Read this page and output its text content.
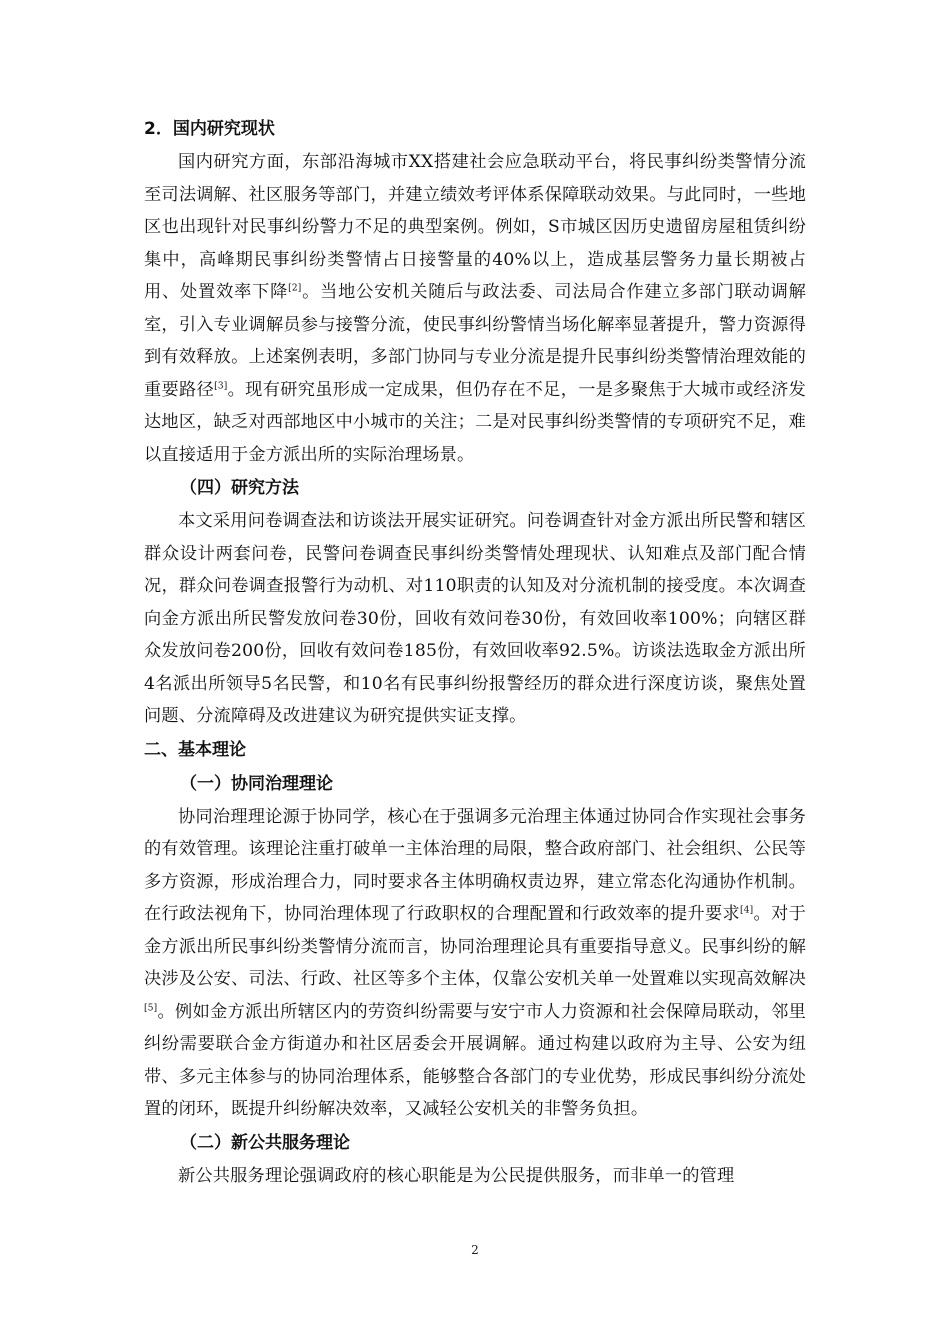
2．国内研究现状

国内研究方面，东部沿海城市XX搭建社会应急联动平台，将民事纠纷类警情分流至司法调解、社区服务等部门，并建立绩效考评体系保障联动效果。与此同时，一些地区也出现针对民事纠纷警力不足的典型案例。例如，S市城区因历史遗留房屋租赁纠纷集中，高峰期民事纠纷类警情占日接警量的40%以上，造成基层警务力量长期被占用、处置效率下降[2]。当地公安机关随后与政法委、司法局合作建立多部门联动调解室，引入专业调解员参与接警分流，使民事纠纷警情当场化解率显著提升，警力资源得到有效释放。上述案例表明，多部门协同与专业分流是提升民事纠纷类警情治理效能的重要路径[3]。现有研究虽形成一定成果，但仍存在不足，一是多聚焦于大城市或经济发达地区，缺乏对西部地区中小城市的关注；二是对民事纠纷类警情的专项研究不足，难以直接适用于金方派出所的实际治理场景。

（四）研究方法

本文采用问卷调查法和访谈法开展实证研究。问卷调查针对金方派出所民警和辖区群众设计两套问卷，民警问卷调查民事纠纷类警情处理现状、认知难点及部门配合情况，群众问卷调查报警行为动机、对110职责的认知及对分流机制的接受度。本次调查向金方派出所民警发放问卷30份，回收有效问卷30份，有效回收率100%；向辖区群众发放问卷200份，回收有效问卷185份，有效回收率92.5%。访谈法选取金方派出所4名派出所领导5名民警，和10名有民事纠纷报警经历的群众进行深度访谈，聚焦处置问题、分流障碍及改进建议为研究提供实证支撑。

二、基本理论
（一）协同治理理论

协同治理理论源于协同学，核心在于强调多元治理主体通过协同合作实现社会事务的有效管理。该理论注重打破单一主体治理的局限，整合政府部门、社会组织、公民等多方资源，形成治理合力，同时要求各主体明确权责边界，建立常态化沟通协作机制。在行政法视角下，协同治理体现了行政职权的合理配置和行政效率的提升要求[4]。对于金方派出所民事纠纷类警情分流而言，协同治理理论具有重要指导意义。民事纠纷的解决涉及公安、司法、行政、社区等多个主体，仅靠公安机关单一处置难以实现高效解决[5]。例如金方派出所辖区内的劳资纠纷需要与安宁市人力资源和社会保障局联动，邻里纠纷需要联合金方街道办和社区居委会开展调解。通过构建以政府为主导、公安为纽带、多元主体参与的协同治理体系，能够整合各部门的专业优势，形成民事纠纷分流处置的闭环，既提升纠纷解决效率，又减轻公安机关的非警务负担。

（二）新公共服务理论

新公共服务理论强调政府的核心职能是为公民提供服务，而非单一的管理

2
